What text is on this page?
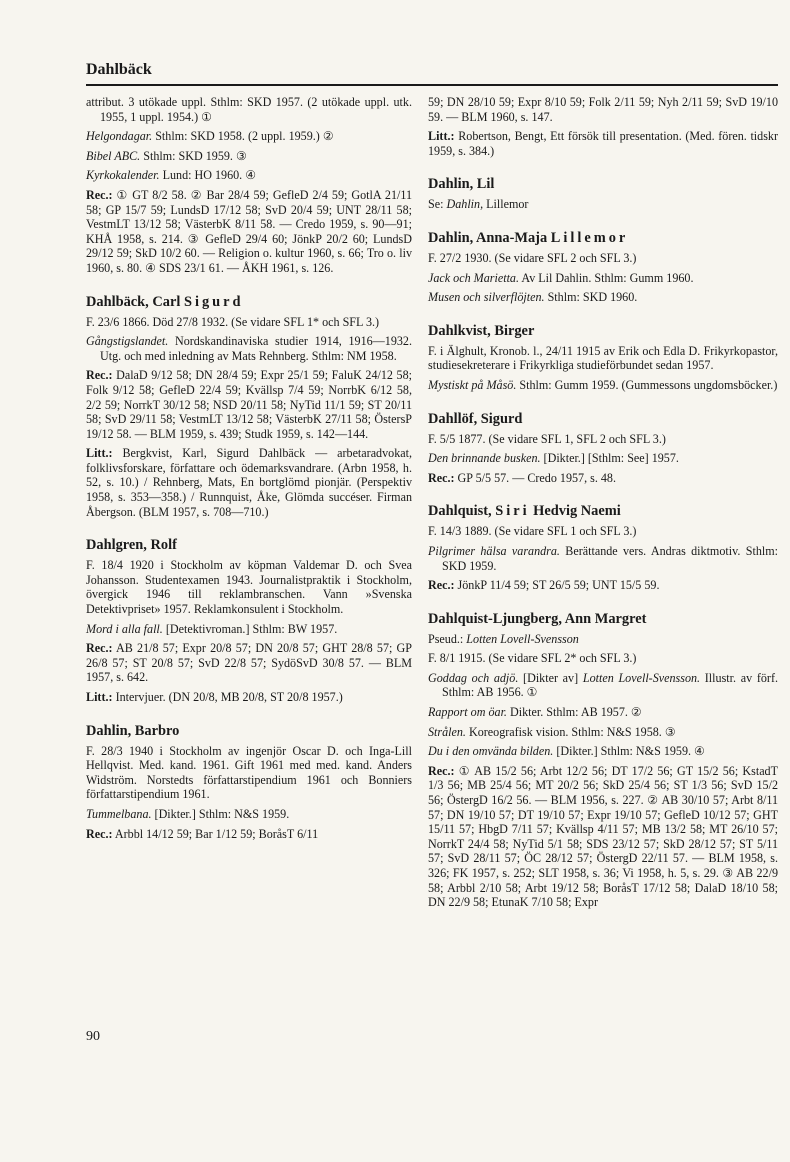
Dahlbäck

attribut. 3 utökade uppl. Sthlm: SKD 1957. (2 utökade uppl. utk. 1955, 1 uppl. 1954.) ①

Helgondagar. Sthlm: SKD 1958. (2 uppl. 1959.) ②

Bibel ABC. Sthlm: SKD 1959. ③

Kyrkokalender. Lund: HO 1960. ④

Rec.: ① GT 8/2 58. ② Bar 28/4 59; GefleD 2/4 59; GotlA 21/11 58; GP 15/7 59; LundsD 17/12 58; SvD 20/4 59; UNT 28/11 58; VestmLT 13/12 58; VästerbK 8/11 58. — Credo 1959, s. 90—91; KHÅ 1958, s. 214. ③ GefleD 29/4 60; JönkP 20/2 60; LundsD 29/12 59; SkD 10/2 60. — Religion o. kultur 1960, s. 66; Tro o. liv 1960, s. 80. ④ SDS 23/1 61. — ÅKH 1961, s. 126.

Dahlbäck, Carl Sigurd

F. 23/6 1866. Död 27/8 1932. (Se vidare SFL 1* och SFL 3.)

Gångstigslandet. Nordskandinaviska studier 1914, 1916—1932. Utg. och med inledning av Mats Rehnberg. Sthlm: NM 1958.

Rec.: DalaD 9/12 58; DN 28/4 59; Expr 25/1 59; FaluK 24/12 58; Folk 9/12 58; GefleD 22/4 59; Kvällsp 7/4 59; NorrbK 6/12 58, 2/2 59; NorrkT 30/12 58; NSD 20/11 58; NyTid 11/1 59; ST 20/11 58; SvD 29/11 58; VestmLT 13/12 58; VästerbK 27/11 58; ÖstersP 19/12 58. — BLM 1959, s. 439; Studk 1959, s. 142—144.

Litt.: Bergkvist, Karl, Sigurd Dahlbäck — arbetaradvokat, folklivsforskare, författare och ödemarksvandrare. (Arbn 1958, h. 52, s. 10.) / Rehnberg, Mats, En bortglömd pionjär. (Perspektiv 1958, s. 353—358.) / Runnquist, Åke, Glömda succéser. Firman Åbergson. (BLM 1957, s. 708—710.)

Dahlgren, Rolf

F. 18/4 1920 i Stockholm av köpman Valdemar D. och Svea Johansson. Studentexamen 1943. Journalistpraktik i Stockholm, övergick 1946 till reklambranschen. Vann »Svenska Detektivpriset» 1957. Reklamkonsulent i Stockholm.

Mord i alla fall. [Detektivroman.] Sthlm: BW 1957.

Rec.: AB 21/8 57; Expr 20/8 57; DN 20/8 57; GHT 28/8 57; GP 26/8 57; ST 20/8 57; SvD 22/8 57; SydöSvD 30/8 57. — BLM 1957, s. 642.

Litt.: Intervjuer. (DN 20/8, MB 20/8, ST 20/8 1957.)

Dahlin, Barbro

F. 28/3 1940 i Stockholm av ingenjör Oscar D. och Inga-Lill Hellqvist. Med. kand. 1961. Gift 1961 med med. kand. Anders Widström. Norstedts författarstipendium 1961 och Bonniers författarstipendium 1961.

Tummelbana. [Dikter.] Sthlm: N&S 1959.

Rec.: Arbbl 14/12 59; Bar 1/12 59; BoråsT 6/11

59; DN 28/10 59; Expr 8/10 59; Folk 2/11 59; Nyh 2/11 59; SvD 19/10 59. — BLM 1960, s. 147.

Litt.: Robertson, Bengt, Ett försök till presentation. (Med. fören. tidskr 1959, s. 384.)

Dahlin, Lil

Se: Dahlin, Lillemor

Dahlin, Anna-Maja Lillemor

F. 27/2 1930. (Se vidare SFL 2 och SFL 3.)

Jack och Marietta. Av Lil Dahlin. Sthlm: Gumm 1960.

Musen och silverflöjten. Sthlm: SKD 1960.

Dahlkvist, Birger

F. i Älghult, Kronob. l., 24/11 1915 av Erik och Edla D. Frikyrkopastor, studiesekreterare i Frikyrkliga studieförbundet sedan 1957.

Mystiskt på Måsö. Sthlm: Gumm 1959. (Gummessons ungdomsböcker.)

Dahllöf, Sigurd

F. 5/5 1877. (Se vidare SFL 1, SFL 2 och SFL 3.)

Den brinnande busken. [Dikter.] [Sthlm: See] 1957.

Rec.: GP 5/5 57. — Credo 1957, s. 48.

Dahlquist, Siri Hedvig Naemi

F. 14/3 1889. (Se vidare SFL 1 och SFL 3.)

Pilgrimer hälsa varandra. Berättande vers. Andras diktmotiv. Sthlm: SKD 1959.

Rec.: JönkP 11/4 59; ST 26/5 59; UNT 15/5 59.

Dahlquist-Ljungberg, Ann Margret

Pseud.: Lotten Lovell-Svensson

F. 8/1 1915. (Se vidare SFL 2* och SFL 3.)

Goddag och adjö. [Dikter av] Lotten Lovell-Svensson. Illustr. av förf. Sthlm: AB 1956. ①

Rapport om öar. Dikter. Sthlm: AB 1957. ②

Strålen. Koreografisk vision. Sthlm: N&S 1958. ③

Du i den omvända bilden. [Dikter.] Sthlm: N&S 1959. ④

Rec.: ① AB 15/2 56; Arbt 12/2 56; DT 17/2 56; GT 15/2 56; KstadT 1/3 56; MB 25/4 56; MT 20/2 56; SkD 25/4 56; ST 1/3 56; SvD 15/2 56; ÖstergD 16/2 56. — BLM 1956, s. 227. ② AB 30/10 57; Arbt 8/11 57; DN 19/10 57; DT 19/10 57; Expr 19/10 57; GefleD 10/12 57; GHT 15/11 57; HbgD 7/11 57; Kvällsp 4/11 57; MB 13/2 58; MT 26/10 57; NorrkT 24/4 58; NyTid 5/1 58; SDS 23/12 57; SkD 28/12 57; ST 5/11 57; SvD 28/11 57; ÖC 28/12 57; ÖstergD 22/11 57. — BLM 1958, s. 326; FK 1957, s. 252; SLT 1958, s. 36; Vi 1958, h. 5, s. 29. ③ AB 22/9 58; Arbbl 2/10 58; Arbt 19/12 58; BoråsT 17/12 58; DalaD 18/10 58; DN 22/9 58; EtunaK 7/10 58; Expr

90
